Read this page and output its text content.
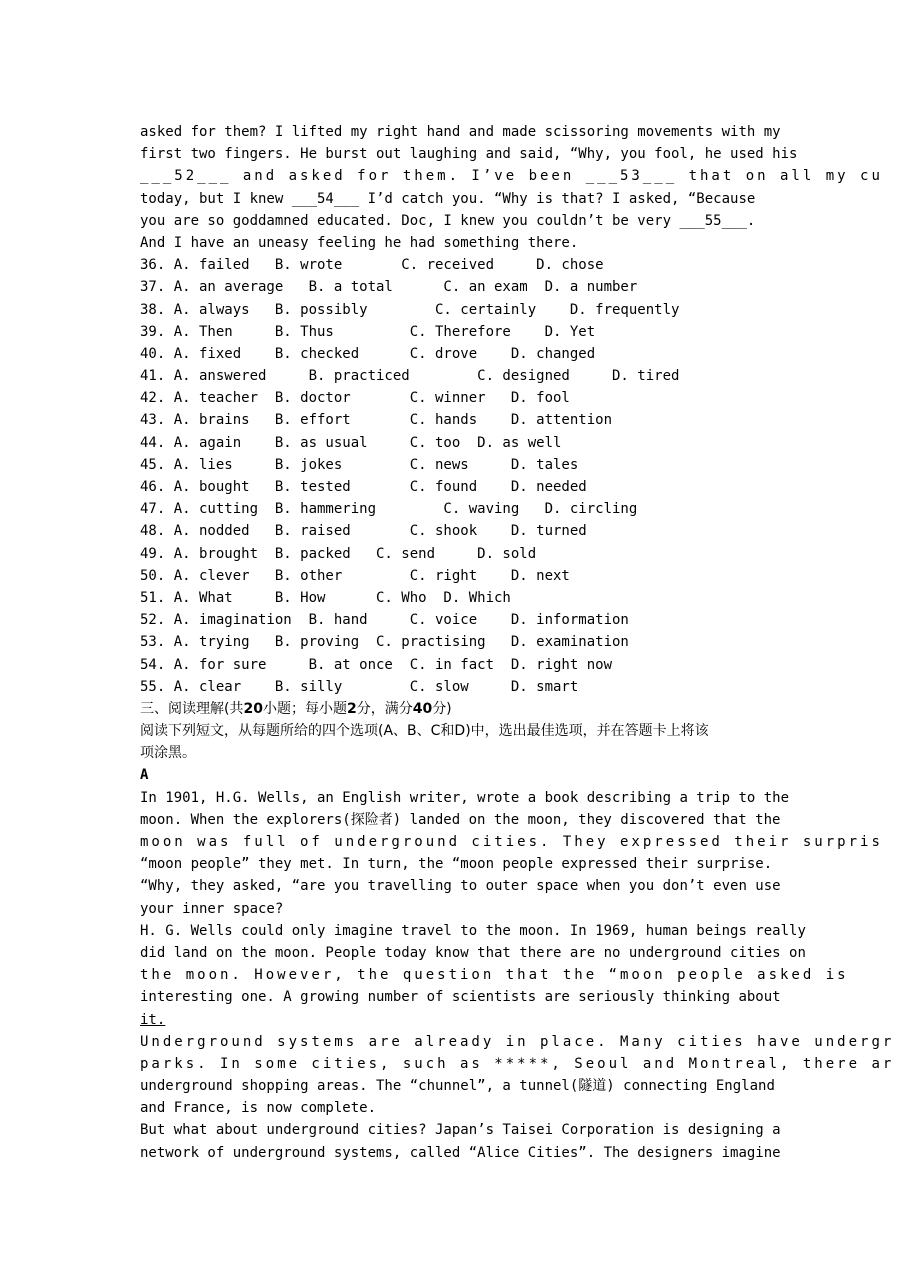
asked for them? I lifted my right hand and made scissoring movements with my
first two fingers. He burst out laughing and said, “Why, you fool, he used his
___52___ and asked for them. I’ve been ___53___ that on all my cu
today, but I knew ___54___ I’d catch you. “Why is that? I asked, “Because
you are so goddamned educated. Doc, I knew you couldn’t be very ___55___.
And I have an uneasy feeling he had something there.
36. A. failed   B. wrote       C. received     D. chose
37. A. an average   B. a total      C. an exam  D. a number
38. A. always   B. possibly        C. certainly    D. frequently
39. A. Then     B. Thus         C. Therefore    D. Yet
40. A. fixed    B. checked      C. drove    D. changed
41. A. answered     B. practiced        C. designed     D. tired
42. A. teacher  B. doctor       C. winner   D. fool
43. A. brains   B. effort       C. hands    D. attention
44. A. again    B. as usual     C. too  D. as well
45. A. lies     B. jokes        C. news     D. tales
46. A. bought   B. tested       C. found    D. needed
47. A. cutting  B. hammering        C. waving   D. circling
48. A. nodded   B. raised       C. shook    D. turned
49. A. brought  B. packed   C. send     D. sold
50. A. clever   B. other        C. right    D. next
51. A. What     B. How      C. Who  D. Which
52. A. imagination  B. hand     C. voice    D. information
53. A. trying   B. proving  C. practising   D. examination
54. A. for sure     B. at once  C. in fact  D. right now
55. A. clear    B. silly        C. slow     D. smart
三、阅读理解(共20小题；每小题2分，满分40分)
阅读下列短文，从每题所给的四个选项(A、B、C和D)中，选出最佳选项，并在答题卡上将该
项涂黑。
A
In 1901, H.G. Wells, an English writer, wrote a book describing a trip to the
moon. When the explorers(探险者) landed on the moon, they discovered that the
moon was full of underground cities. They expressed their surpris
“moon people” they met. In turn, the “moon people expressed their surprise.
“Why, they asked, “are you travelling to outer space when you don’t even use
your inner space?
H. G. Wells could only imagine travel to the moon. In 1969, human beings really
did land on the moon. People today know that there are no underground cities on
the moon. However, the question that the “moon people asked is
interesting one. A growing number of scientists are seriously thinking about
it.
Underground systems are already in place. Many cities have undergr
parks. In some cities, such as *****, Seoul and Montreal, there ar
underground shopping areas. The “chunnel”, a tunnel(隧道) connecting England
and France, is now complete.
But what about underground cities? Japan’s Taisei Corporation is designing a
network of underground systems, called “Alice Cities”. The designers imagine
